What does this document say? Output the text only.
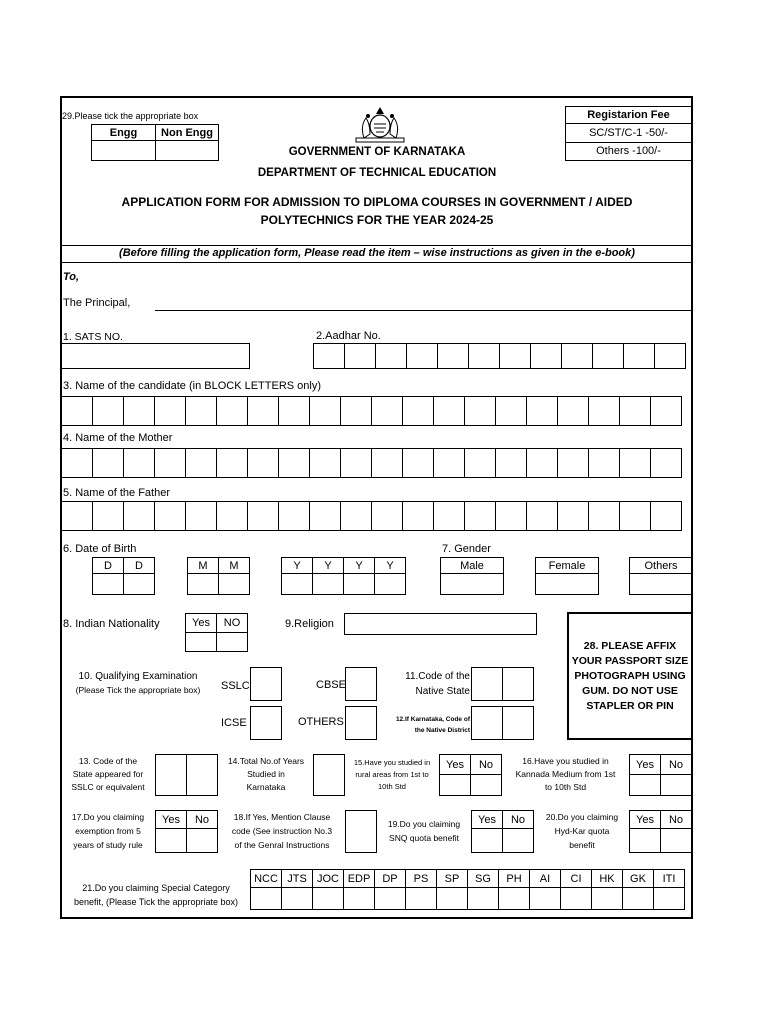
29.Please tick the appropriate box
Engg	Non Engg
Registarion Fee
SC/ST/C-1 -50/-
Others -100/-
GOVERNMENT OF KARNATAKA
DEPARTMENT OF TECHNICAL EDUCATION
APPLICATION FORM FOR ADMISSION TO DIPLOMA COURSES IN GOVERNMENT / AIDED
POLYTECHNICS FOR THE YEAR 2024-25
(Before filling the application form, Please read the item – wise instructions as given in the e-book)
To,
The Principal,
1. SATS NO.	2.Aadhar No.
3. Name of the candidate (in BLOCK LETTERS only)
4. Name of the Mother
5. Name of the Father
6. Date of Birth
D	D	M	M	Y	Y	Y	Y
7. Gender
Male	Female	Others
8. Indian Nationality	Yes	NO	9.Religion
28. PLEASE AFFIX YOUR PASSPORT SIZE PHOTOGRAPH USING GUM. DO NOT USE STAPLER OR PIN
10. Qualifying Examination
(Please Tick the appropriate box)	SSLC	CBSE
ICSE	OTHERS
11.Code of the
Native State
12.If Karnataka, Code of
the Native District
13. Code of the
State appeared for
SSLC or equivalent
14.Total No.of Years
Studied in
Karnataka
15.Have you studied in
rural areas from 1st to
10th Std
Yes	No	16.Have you studied in
Kannada Medium from 1st
to 10th Std
Yes	No
17.Do you claiming
exemption from 5
years of study rule
Yes	No	18.If Yes, Mention Clause
code (See instruction No.3
of the Genral Instructions
19.Do you claiming
SNQ quota benefit
Yes	No	20.Do you claiming
Hyd-Kar quota
benefit
Yes	No
21.Do you claiming Special Category
benefit, (Please Tick the appropriate box)
NCC JTS JOC EDP	DP	PS	SP	SG	PH	AI	CI	HK	GK	ITI
